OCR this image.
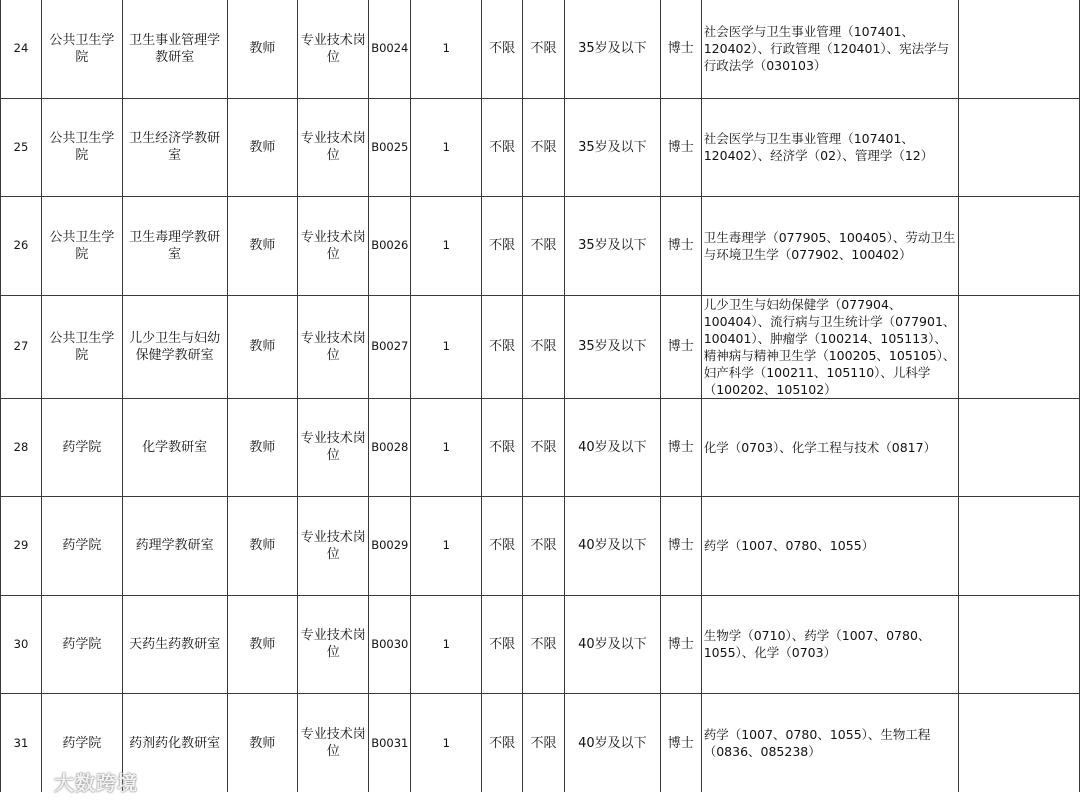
24	公共卫生学院	卫生事业管理学教研室	教师	专业技术岗位	B0024	1	不限	不限	35岁及以下	博士	社会医学与卫生事业管理（107401、120402）、行政管理（120401）、宪法学与行政法学（030103）	
25	公共卫生学院	卫生经济学教研室	教师	专业技术岗位	B0025	1	不限	不限	35岁及以下	博士	社会医学与卫生事业管理（107401、120402）、经济学（02）、管理学（12）	
26	公共卫生学院	卫生毒理学教研室	教师	专业技术岗位	B0026	1	不限	不限	35岁及以下	博士	卫生毒理学（077905、100405）、劳动卫生与环境卫生学（077902、100402）	
27	公共卫生学院	儿少卫生与妇幼保健学教研室	教师	专业技术岗位	B0027	1	不限	不限	35岁及以下	博士	儿少卫生与妇幼保健学（077904、100404）、流行病与卫生统计学（077901、100401）、肿瘤学（100214、105113）、精神病与精神卫生学（100205、105105）、妇产科学（100211、105110）、儿科学（100202、105102）	
28	药学院	化学教研室	教师	专业技术岗位	B0028	1	不限	不限	40岁及以下	博士	化学（0703）、化学工程与技术（0817）	
29	药学院	药理学教研室	教师	专业技术岗位	B0029	1	不限	不限	40岁及以下	博士	药学（1007、0780、1055）	
30	药学院	天药生药教研室	教师	专业技术岗位	B0030	1	不限	不限	40岁及以下	博士	生物学（0710）、药学（1007、0780、1055）、化学（0703）	
31	药学院	药剂药化教研室	教师	专业技术岗位	B0031	1	不限	不限	40岁及以下	博士	药学（1007、0780、1055）、生物工程（0836、085238）	
大数跨境
